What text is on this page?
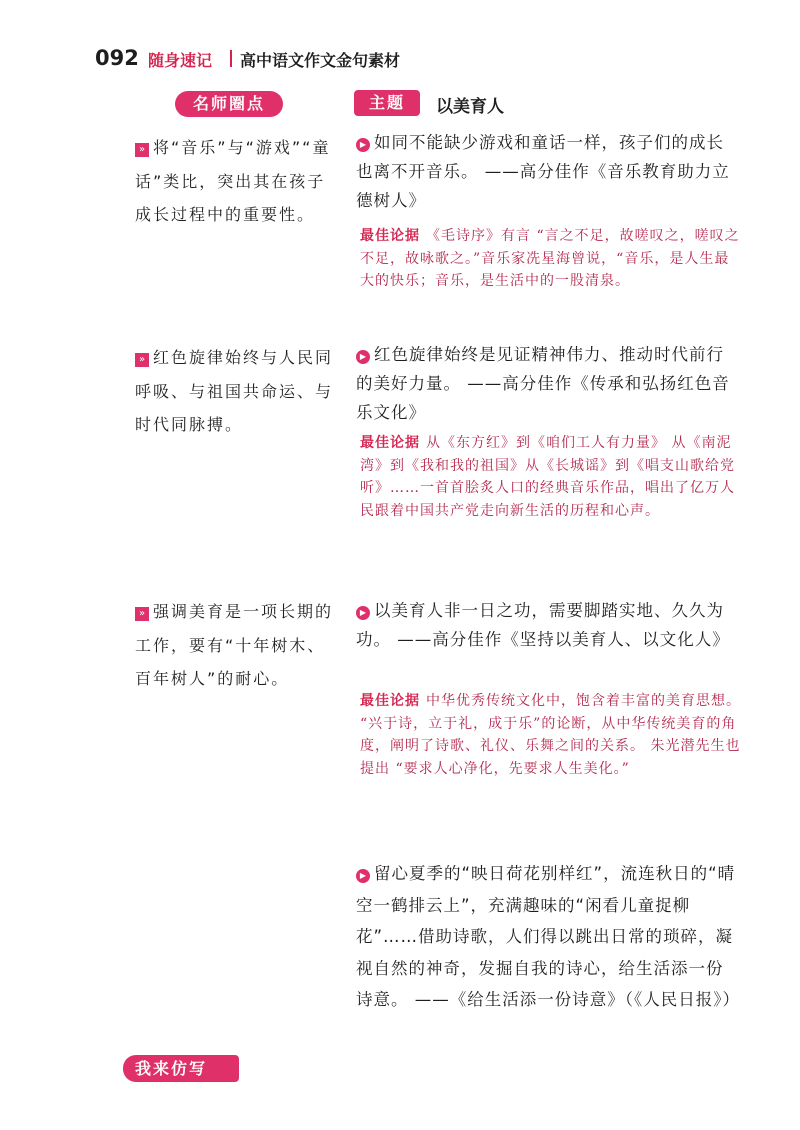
092 随身速记 高中语文作文金句素材
名师圈点	主题	以美育人
» 将“音乐”与“游戏”“童话”类比，突出其在孩子成长过程中的重要性。
» 红色旋律始终与人民同呼吸、与祖国共命运、与时代同脉搏。
» 强调美育是一项长期的工作，要有“十年树木、百年树人”的耐心。
▶ 如同不能缺少游戏和童话一样，孩子们的成长也离不开音乐。 ——高分佳作《音乐教育助力立德树人》
最佳论据 《毛诗序》有言 “言之不足，故嗟叹之，嗟叹之不足，故咏歌之。”音乐家冼星海曾说，“音乐，是人生最大的快乐；音乐，是生活中的一股清泉。
▶ 红色旋律始终是见证精神伟力、推动时代前行的美好力量。 ——高分佳作《传承和弘扬红色音乐文化》
最佳论据 从《东方红》到《咱们工人有力量》 从《南泥湾》到《我和我的祖国》从《长城谣》到《唱支山歌给党听》……一首首脍炙人口的经典音乐作品，唱出了亿万人民跟着中国共产党走向新生活的历程和心声。
▶ 以美育人非一日之功，需要脚踏实地、久久为功。 ——高分佳作《坚持以美育人、以文化人》
最佳论据 中华优秀传统文化中，饱含着丰富的美育思想。 “兴于诗，立于礼，成于乐”的论断，从中华传统美育的角度，阐明了诗歌、礼仪、乐舞之间的关系。 朱光潜先生也提出 “要求人心净化，先要求人生美化。”
▶ 留心夏季的“映日荷花别样红”，流连秋日的“晴空一鹤排云上”，充满趣味的“闲看儿童捉柳花”……借助诗歌，人们得以跳出日常的琐碎，凝视自然的神奇，发掘自我的诗心，给生活添一份诗意。 ——《给生活添一份诗意》（《人民日报》）
我来仿写
